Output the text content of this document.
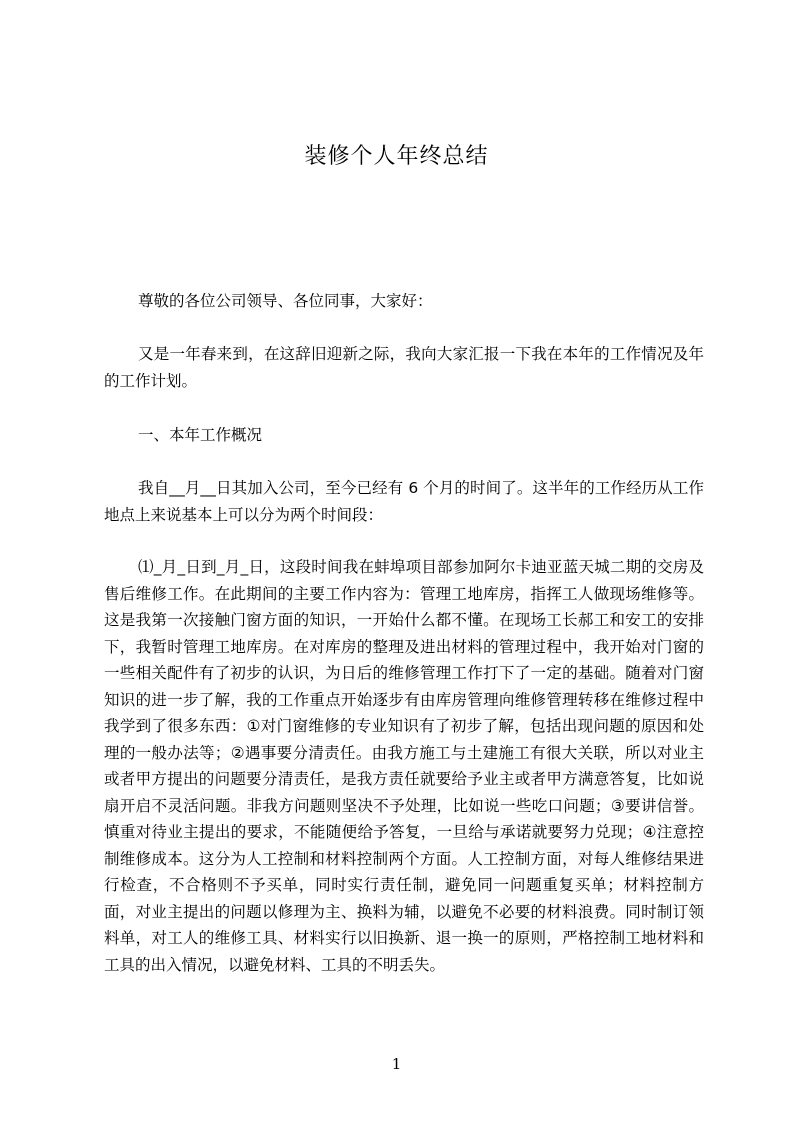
装修个人年终总结

尊敬的各位公司领导、各位同事，大家好：

又是一年春来到，在这辞旧迎新之际，我向大家汇报一下我在本年的工作情况及年的工作计划。

一、本年工作概况

我自__月__日其加入公司，至今已经有 6 个月的时间了。这半年的工作经历从工作地点上来说基本上可以分为两个时间段：

⑴_月_日到_月_日，这段时间我在蚌埠项目部参加阿尔卡迪亚蓝天城二期的交房及售后维修工作。在此期间的主要工作内容为：管理工地库房，指挥工人做现场维修等。这是我第一次接触门窗方面的知识，一开始什么都不懂。在现场工长郝工和安工的安排下，我暂时管理工地库房。在对库房的整理及进出材料的管理过程中，我开始对门窗的一些相关配件有了初步的认识，为日后的维修管理工作打下了一定的基础。随着对门窗知识的进一步了解，我的工作重点开始逐步有由库房管理向维修管理转移在维修过程中我学到了很多东西：①对门窗维修的专业知识有了初步了解，包括出现问题的原因和处理的一般办法等；②遇事要分清责任。由我方施工与土建施工有很大关联，所以对业主或者甲方提出的问题要分清责任，是我方责任就要给予业主或者甲方满意答复，比如说扇开启不灵活问题。非我方问题则坚决不予处理，比如说一些吃口问题；③要讲信誉。慎重对待业主提出的要求，不能随便给予答复，一旦给与承诺就要努力兑现；④注意控制维修成本。这分为人工控制和材料控制两个方面。人工控制方面，对每人维修结果进行检查，不合格则不予买单，同时实行责任制，避免同一问题重复买单；材料控制方面，对业主提出的问题以修理为主、换料为辅，以避免不必要的材料浪费。同时制订领料单，对工人的维修工具、材料实行以旧换新、退一换一的原则，严格控制工地材料和工具的出入情况，以避免材料、工具的不明丢失。

1
